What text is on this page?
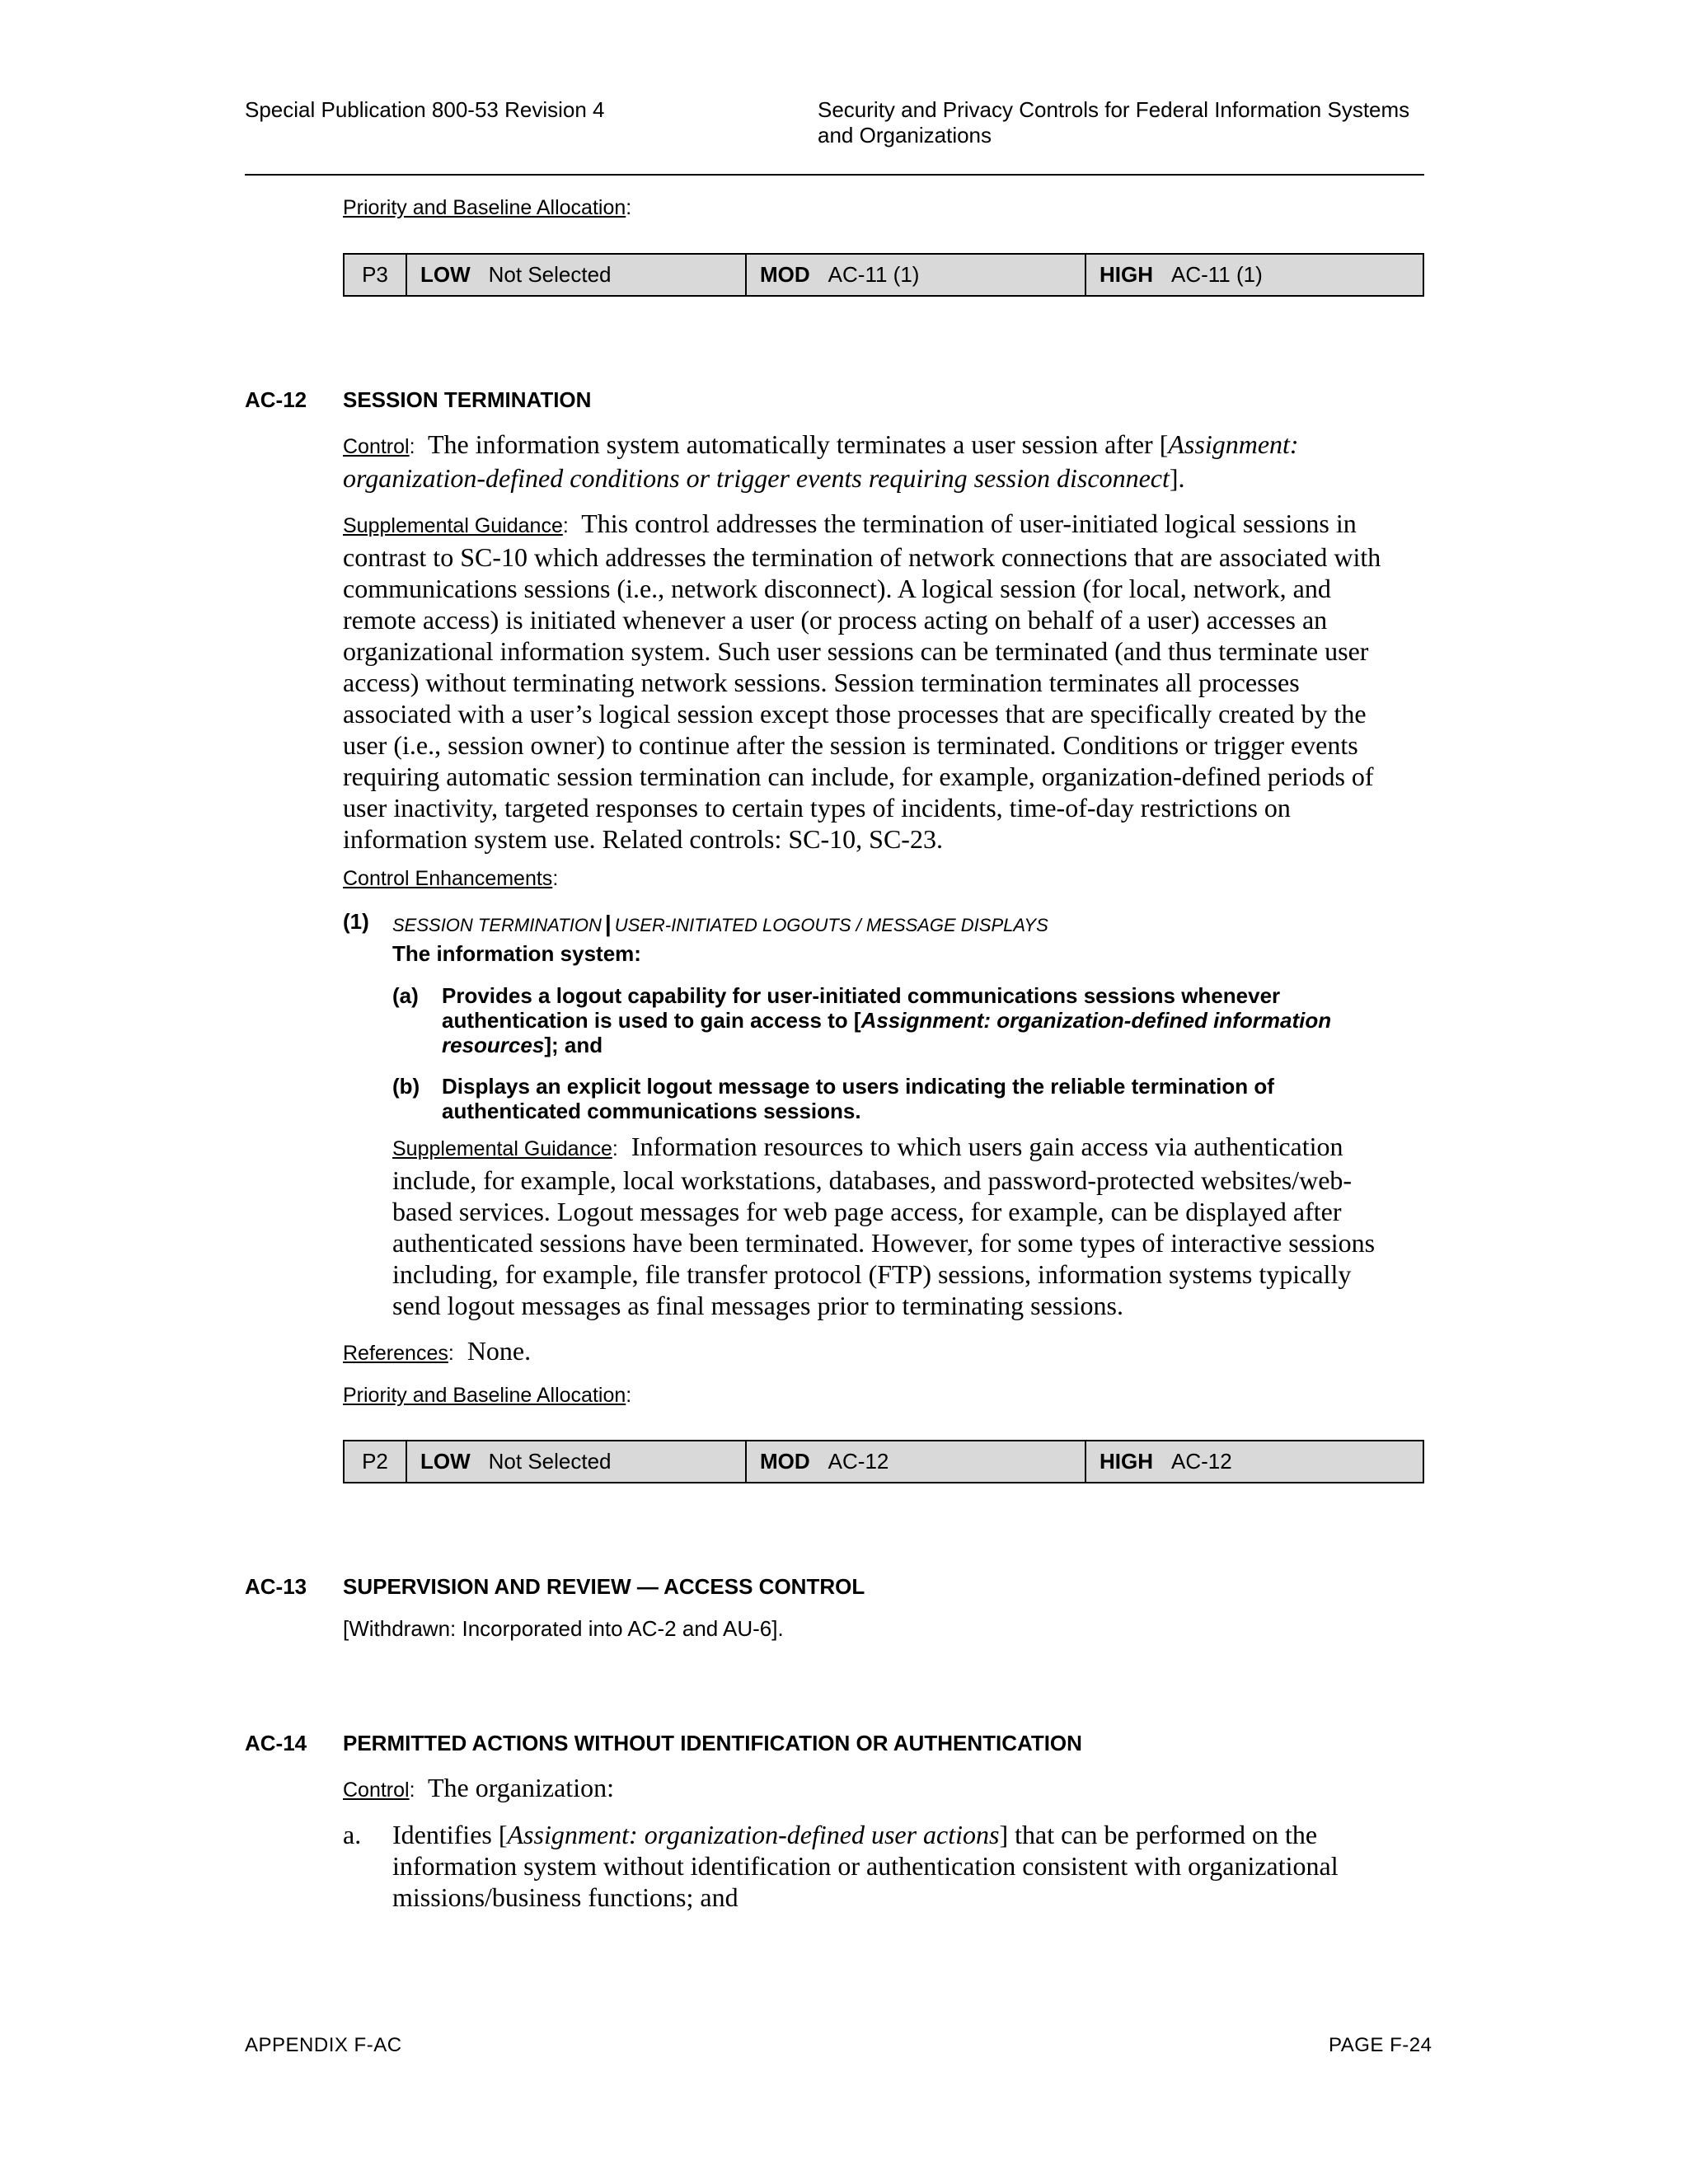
Special Publication 800-53 Revision 4	Security and Privacy Controls for Federal Information Systems
and Organizations
Priority and Baseline Allocation:
P3	LOW Not Selected	MOD AC-11 (1)	HIGH AC-11 (1)
AC-12 SESSION TERMINATION
Control: The information system automatically terminates a user session after [Assignment:
organization-defined conditions or trigger events requiring session disconnect].
Supplemental Guidance: This control addresses the termination of user-initiated logical sessions in
contrast to SC-10 which addresses the termination of network connections that are associated with
communications sessions (i.e., network disconnect). A logical session (for local, network, and
remote access) is initiated whenever a user (or process acting on behalf of a user) accesses an
organizational information system. Such user sessions can be terminated (and thus terminate user
access) without terminating network sessions. Session termination terminates all processes
associated with a user’s logical session except those processes that are specifically created by the
user (i.e., session owner) to continue after the session is terminated. Conditions or trigger events
requiring automatic session termination can include, for example, organization-defined periods of
user inactivity, targeted responses to certain types of incidents, time-of-day restrictions on
information system use. Related controls: SC-10, SC-23.
Control Enhancements:
(1) SESSION TERMINATION | USER-INITIATED LOGOUTS / MESSAGE DISPLAYS
The information system:
(a) Provides a logout capability for user-initiated communications sessions whenever
authentication is used to gain access to [Assignment: organization-defined information
resources]; and
(b) Displays an explicit logout message to users indicating the reliable termination of
authenticated communications sessions.
Supplemental Guidance: Information resources to which users gain access via authentication
include, for example, local workstations, databases, and password-protected websites/web-
based services. Logout messages for web page access, for example, can be displayed after
authenticated sessions have been terminated. However, for some types of interactive sessions
including, for example, file transfer protocol (FTP) sessions, information systems typically
send logout messages as final messages prior to terminating sessions.
References: None.
Priority and Baseline Allocation:
P2	LOW Not Selected	MOD AC-12	HIGH AC-12
AC-13 SUPERVISION AND REVIEW — ACCESS CONTROL
[Withdrawn: Incorporated into AC-2 and AU-6].
AC-14 PERMITTED ACTIONS WITHOUT IDENTIFICATION OR AUTHENTICATION
Control: The organization:
a. Identifies [Assignment: organization-defined user actions] that can be performed on the
information system without identification or authentication consistent with organizational
missions/business functions; and
APPENDIX F-AC	PAGE F-24
